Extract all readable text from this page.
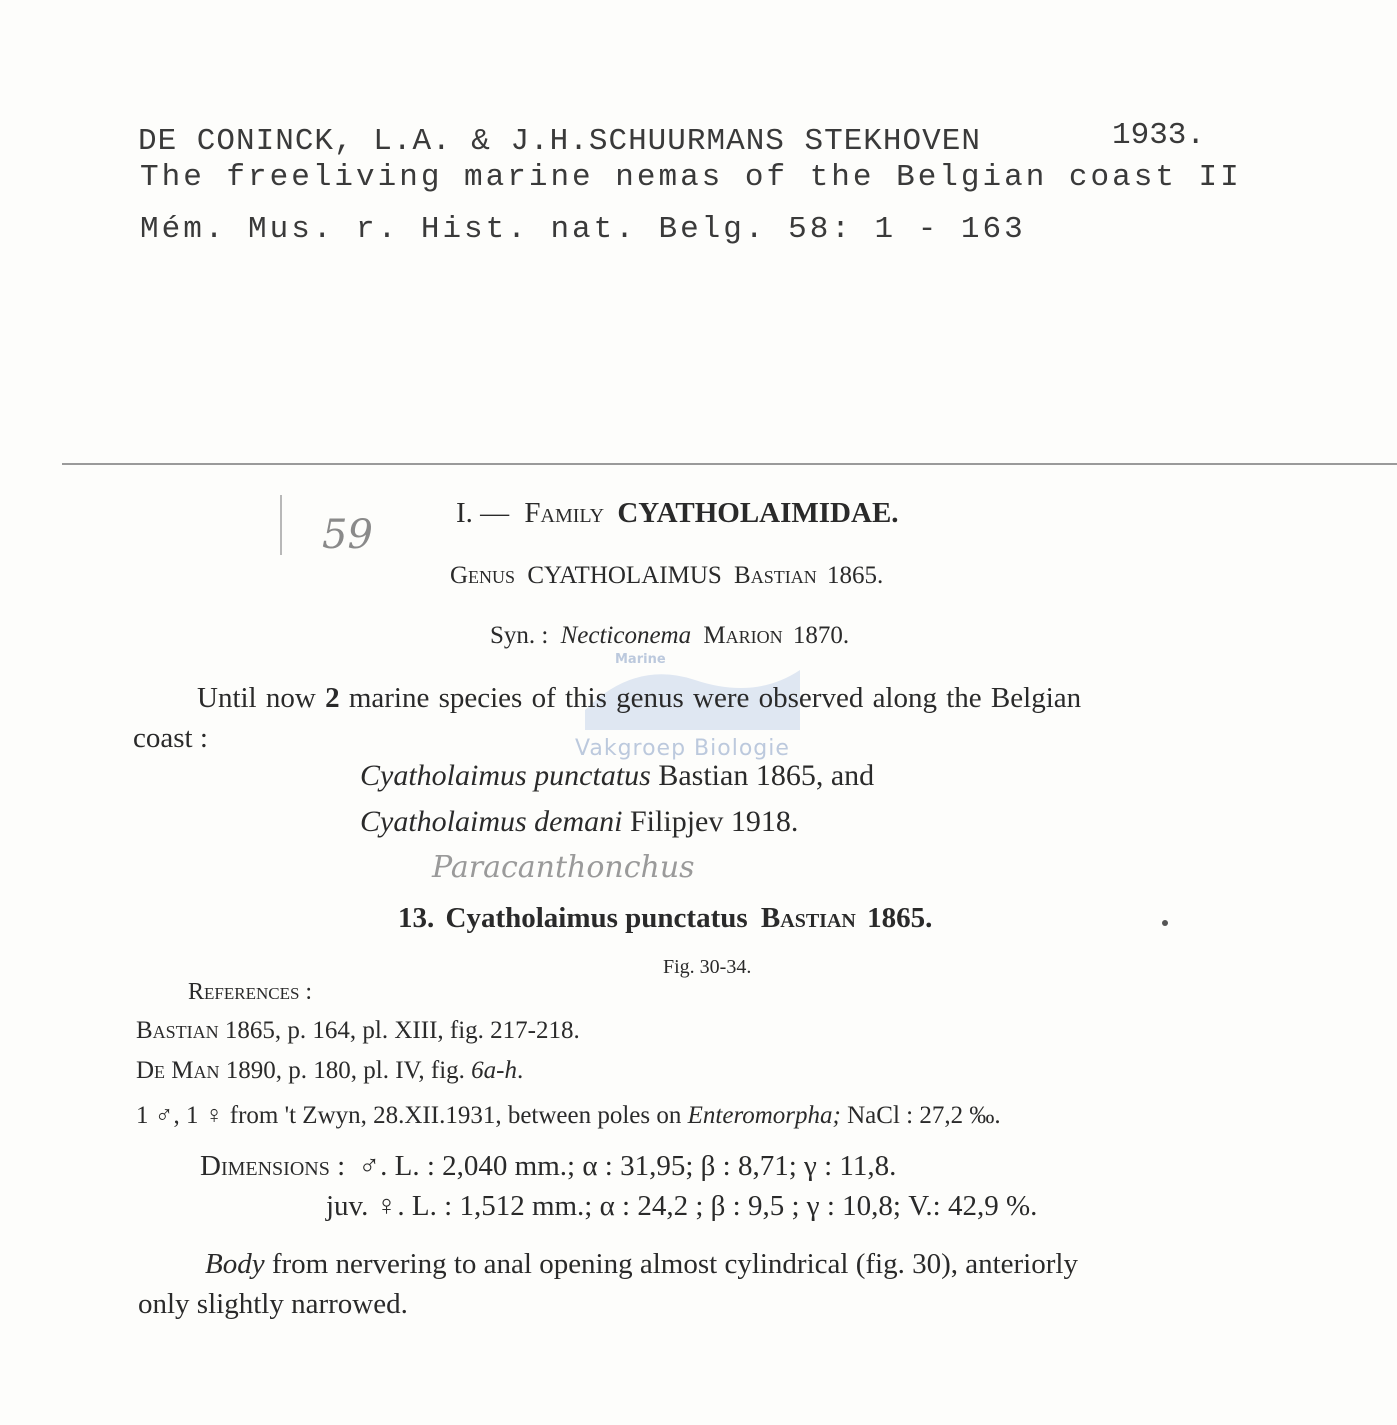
DE CONINCK, L.A. & J.H.SCHUURMANS STEKHOVEN	1933.
The freeliving marine nemas of the Belgian coast II
Mém. Mus. r. Hist. nat. Belg. 58: 1 - 163
59
Paracanthonchus
Marine
Vakgroep Biologie
I. — Family CYATHOLAIMIDAE.
Genus CYATHOLAIMUS Bastian 1865.
Syn. : Necticonema Marion 1870.
Until now 2 marine species of this genus were observed along the Belgian
coast :
Cyatholaimus punctatus Bastian 1865, and
Cyatholaimus demani Filipjev 1918.
13. Cyatholaimus punctatus Bastian 1865.
Fig. 30-34.
References :
Bastian 1865, p. 164, pl. XIII, fig. 217-218.
De Man 1890, p. 180, pl. IV, fig. 6a-h.
1 ♂, 1 ♀ from 't Zwyn, 28.XII.1931, between poles on Enteromorpha; NaCl : 27,2 ‰.
Dimensions : ♂. L. : 2,040 mm.; α : 31,95; β : 8,71; γ : 11,8.
juv. ♀. L. : 1,512 mm.; α : 24,2 ; β : 9,5 ; γ : 10,8; V.: 42,9 %.
Body from nervering to anal opening almost cylindrical (fig. 30), anteriorly
only slightly narrowed.
